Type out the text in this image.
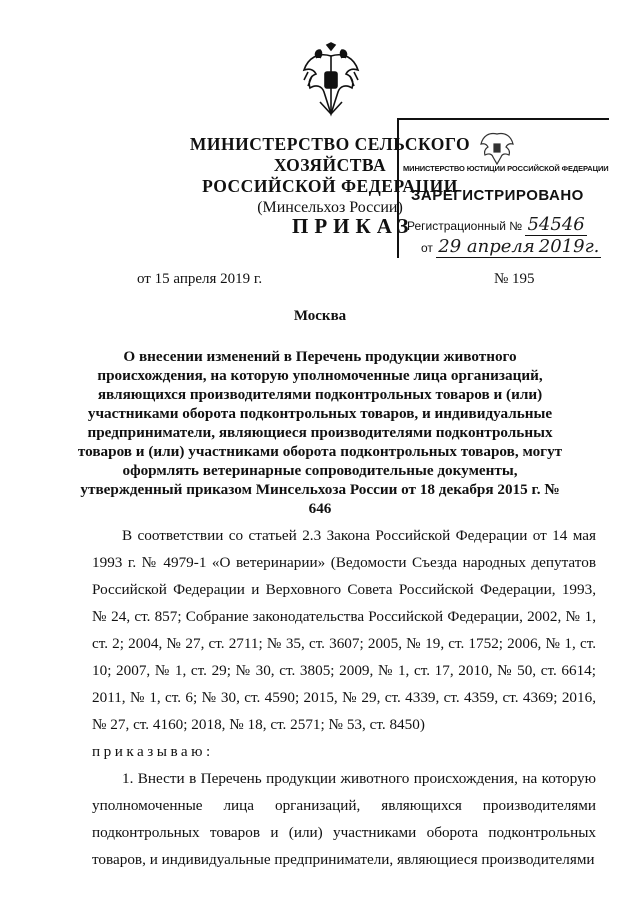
МИНИСТЕРСТВО СЕЛЬСКОГО ХОЗЯЙСТВА
РОССИЙСКОЙ ФЕДЕРАЦИИ
(Минсельхоз России)
ПРИКАЗ
МИНИСТЕРСТВО ЮСТИЦИИ РОССИЙСКОЙ ФЕДЕРАЦИИ
ЗАРЕГИСТРИРОВАНО
Регистрационный № 54546
от 29 апреля 2019г.
от 15 апреля 2019 г.	№ 195
Москва
О внесении изменений в Перечень продукции животного происхождения, на которую уполномоченные лица организаций, являющихся производителями подконтрольных товаров и (или) участниками оборота подконтрольных товаров, и индивидуальные предприниматели, являющиеся производителями подконтрольных товаров и (или) участниками оборота подконтрольных товаров, могут оформлять ветеринарные сопроводительные документы, утвержденный приказом Минсельхоза России от 18 декабря 2015 г. № 646

В соответствии со статьей 2.3 Закона Российской Федерации от 14 мая 1993 г. № 4979-1 «О ветеринарии» (Ведомости Съезда народных депутатов Российской Федерации и Верховного Совета Российской Федерации, 1993, № 24, ст. 857; Собрание законодательства Российской Федерации, 2002, № 1, ст. 2; 2004, № 27, ст. 2711; № 35, ст. 3607; 2005, № 19, ст. 1752; 2006, № 1, ст. 10; 2007, № 1, ст. 29; № 30, ст. 3805; 2009, № 1, ст. 17, 2010, № 50, ст. 6614; 2011, № 1, ст. 6; № 30, ст. 4590; 2015, № 29, ст. 4339, ст. 4359, ст. 4369; 2016, № 27, ст. 4160; 2018, № 18, ст. 2571; № 53, ст. 8450)

приказываю:

1. Внести в Перечень продукции животного происхождения, на которую уполномоченные лица организаций, являющихся производителями подконтрольных товаров и (или) участниками оборота подконтрольных товаров, и индивидуальные предприниматели, являющиеся производителями
